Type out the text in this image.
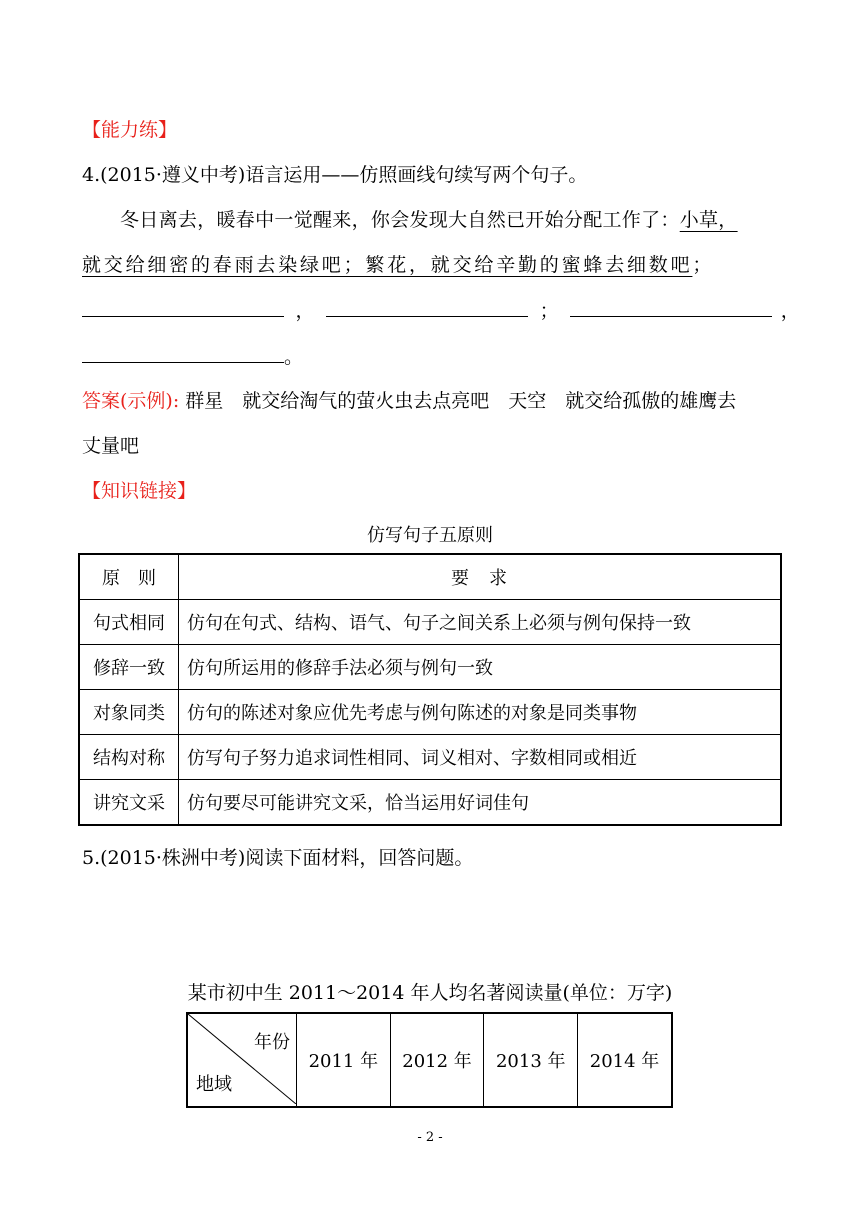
【能力练】
4.(2015·遵义中考)语言运用——仿照画线句续写两个句子。
冬日离去，暖春中一觉醒来，你会发现大自然已开始分配工作了：小草，
就交给细密的春雨去染绿吧；繁花，就交给辛勤的蜜蜂去细数吧；
，	；	，
。
答案(示例): 群星　就交给淘气的萤火虫去点亮吧　天空　就交给孤傲的雄鹰去
丈量吧
【知识链接】
仿写句子五原则
原　则	要　求
句式相同	仿句在句式、结构、语气、句子之间关系上必须与例句保持一致
修辞一致	仿句所运用的修辞手法必须与例句一致
对象同类	仿句的陈述对象应优先考虑与例句陈述的对象是同类事物
结构对称	仿写句子努力追求词性相同、词义相对、字数相同或相近
讲究文采	仿句要尽可能讲究文采，恰当运用好词佳句
5.(2015·株洲中考)阅读下面材料，回答问题。
某市初中生 2011～2014 年人均名著阅读量(单位：万字)
年份
地域
	2011 年	2012 年	2013 年	2014 年
- 2 -
